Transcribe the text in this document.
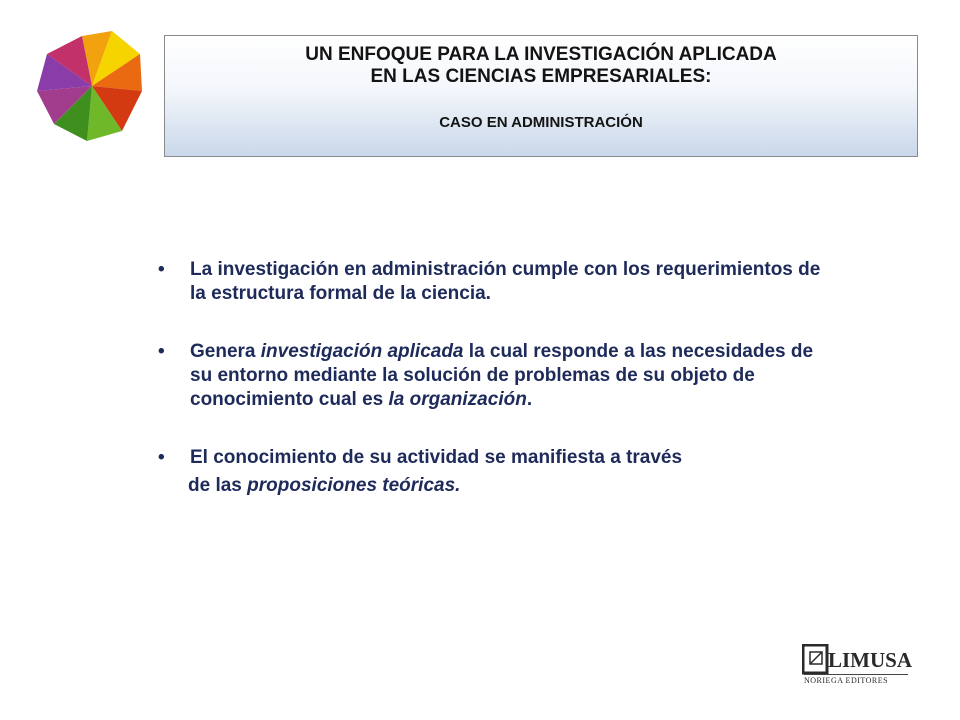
UN ENFOQUE PARA LA INVESTIGACIÓN APLICADA
EN LAS CIENCIAS EMPRESARIALES:
CASO EN ADMINISTRACIÓN
• La investigación en administración cumple con los requerimientos de la estructura formal de la ciencia.
• Genera investigación aplicada la cual responde a las necesidades de su entorno mediante la solución de problemas de su objeto de conocimiento cual es la organización.
• El conocimiento de su actividad se manifiesta a través
de las proposiciones teóricas.
LIMUSA
NORIEGA EDITORES
